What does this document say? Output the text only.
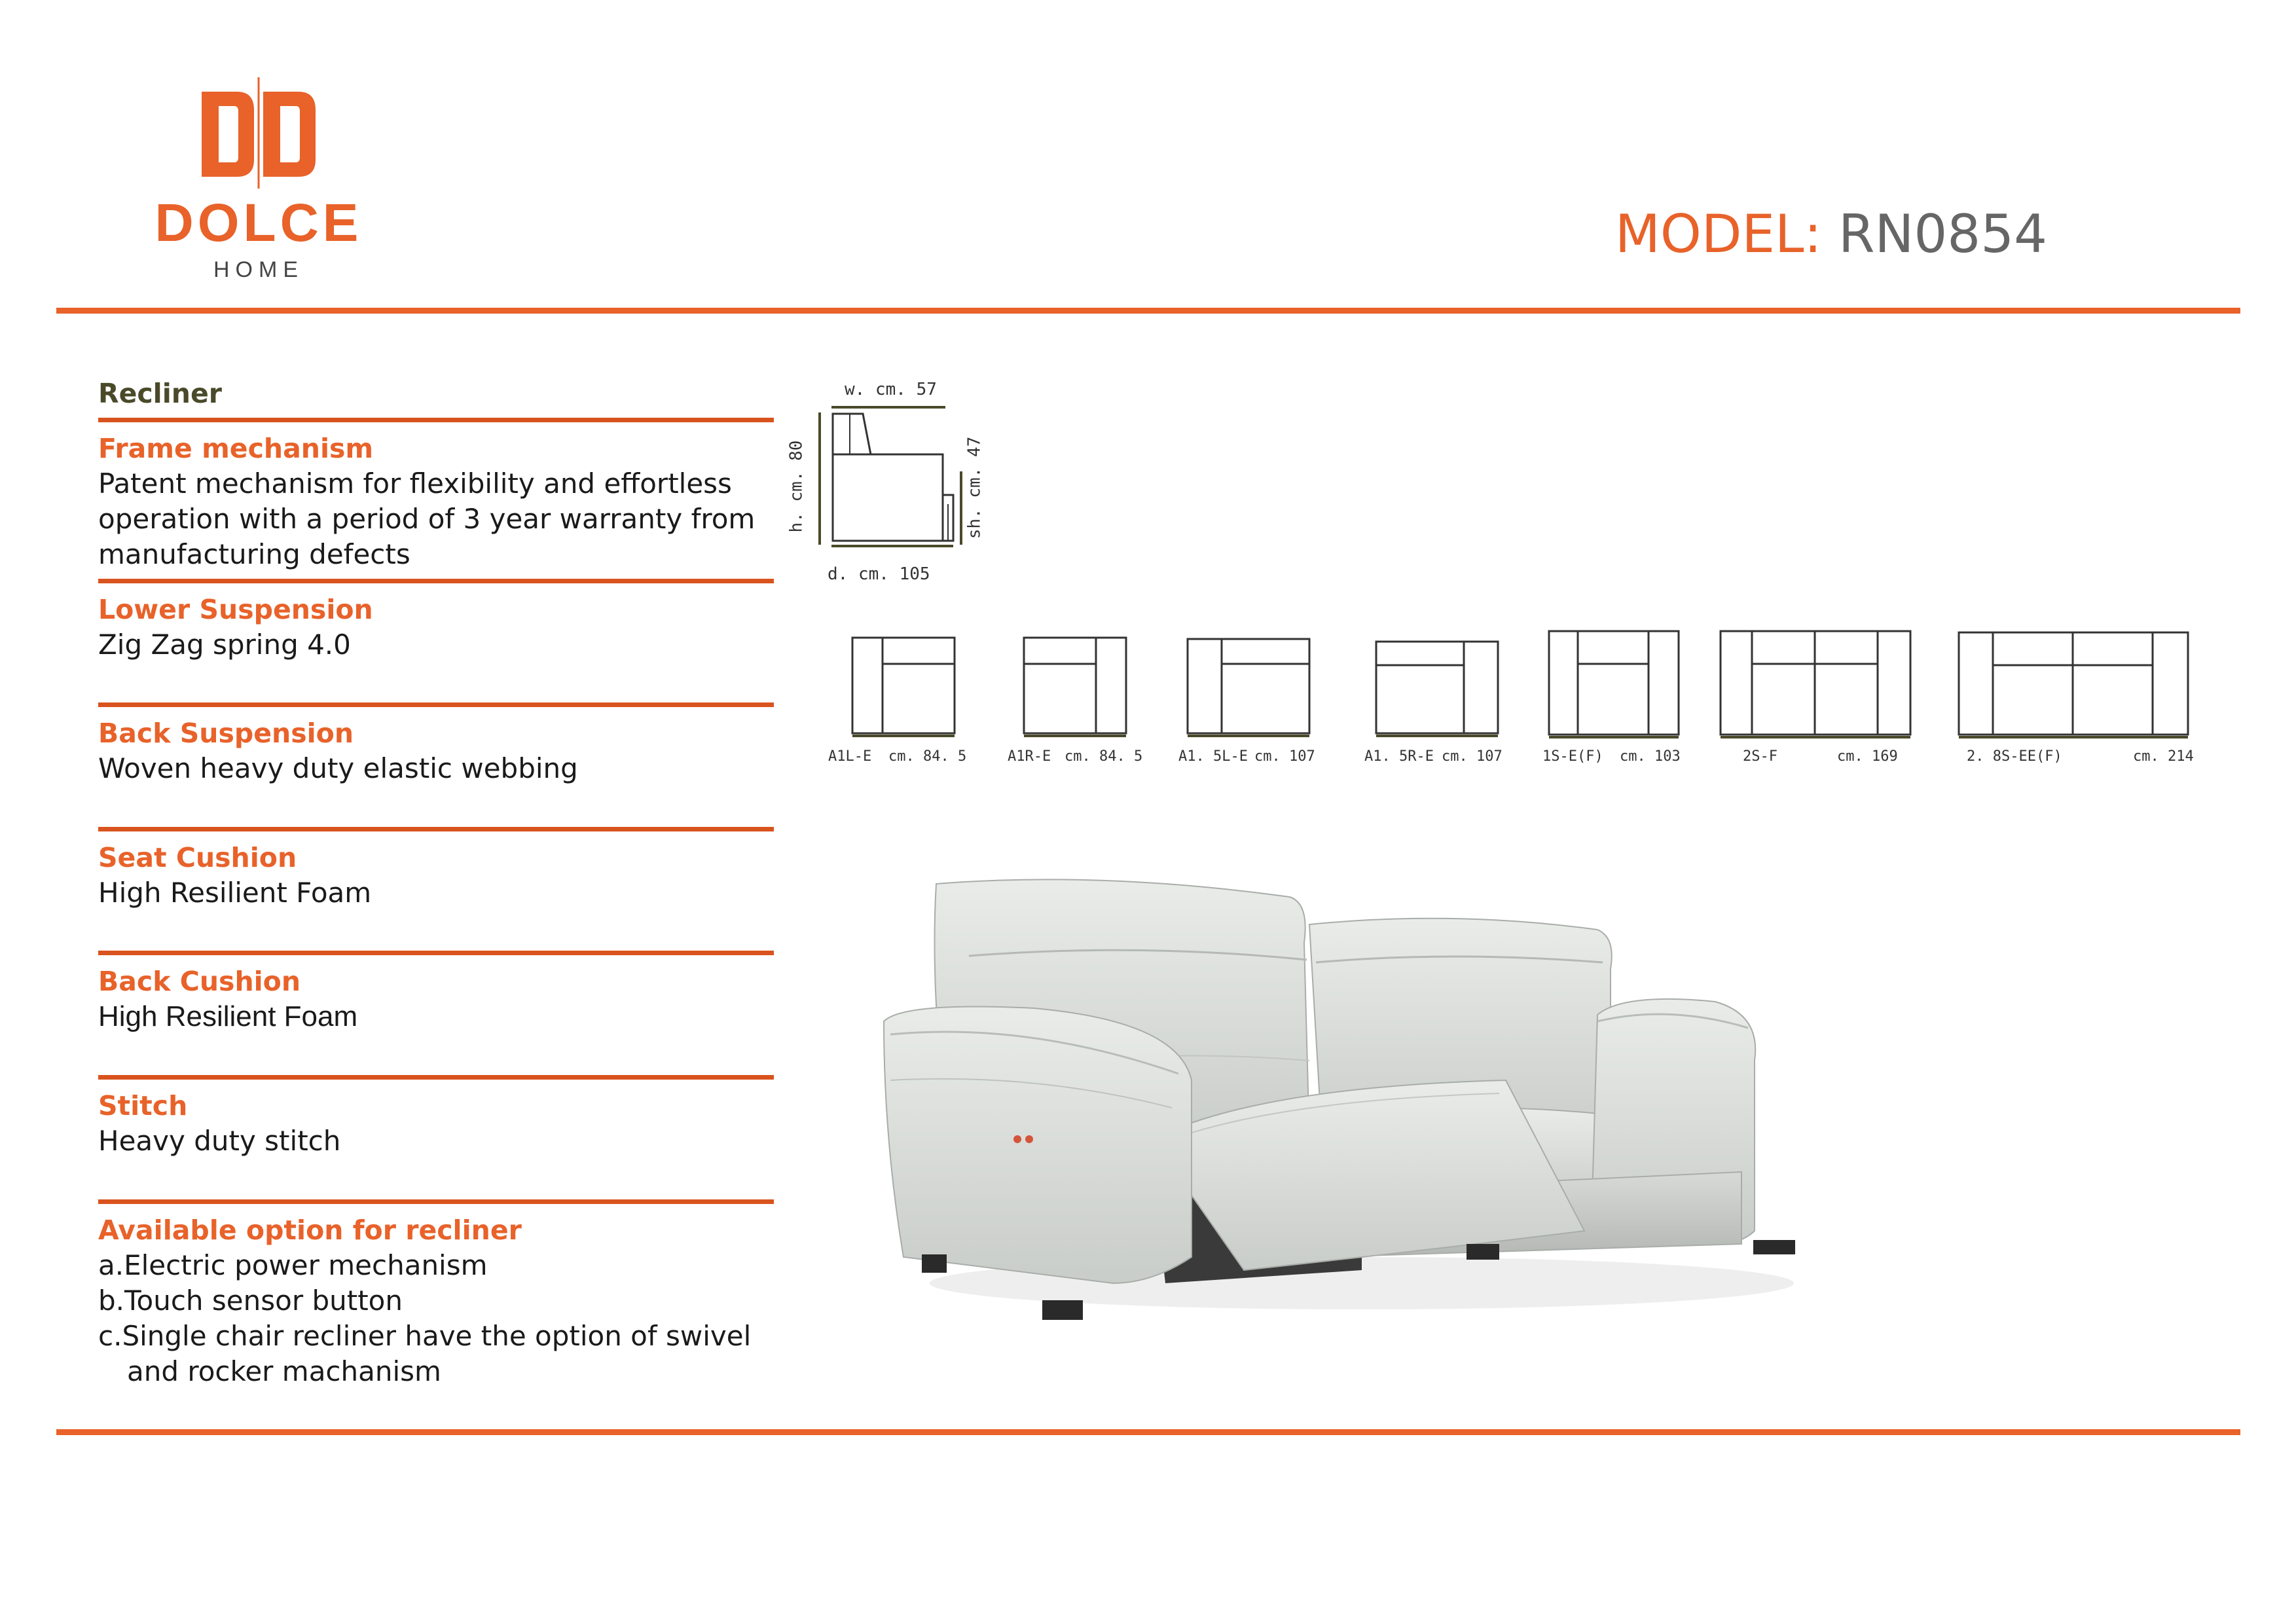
DOLCE
HOME
MODEL: RN0854
Recliner
Frame mechanism
Patent mechanism for flexibility and effortless
operation with a period of 3 year warranty from
manufacturing defects
Lower Suspension
Zig Zag spring 4.0
Back Suspension
Woven heavy duty elastic webbing
Seat Cushion
High Resilient Foam
Back Cushion
High Resilient Foam
Stitch
Heavy duty stitch
Available option for recliner
a.Electric power mechanism
b.Touch sensor button
c.Single chair recliner have the option of swivel
and rocker machanism
w. cm. 57
h. cm. 80	sh. cm. 47
d. cm. 105
A1L-E cm. 84. 5	A1R-E cm. 84. 5 A1. 5L-E cm. 107	A1. 5R-E cm. 107	1S-E(F) cm. 103	2S-F	cm. 169	2. 8S-EE(F)	cm. 214
